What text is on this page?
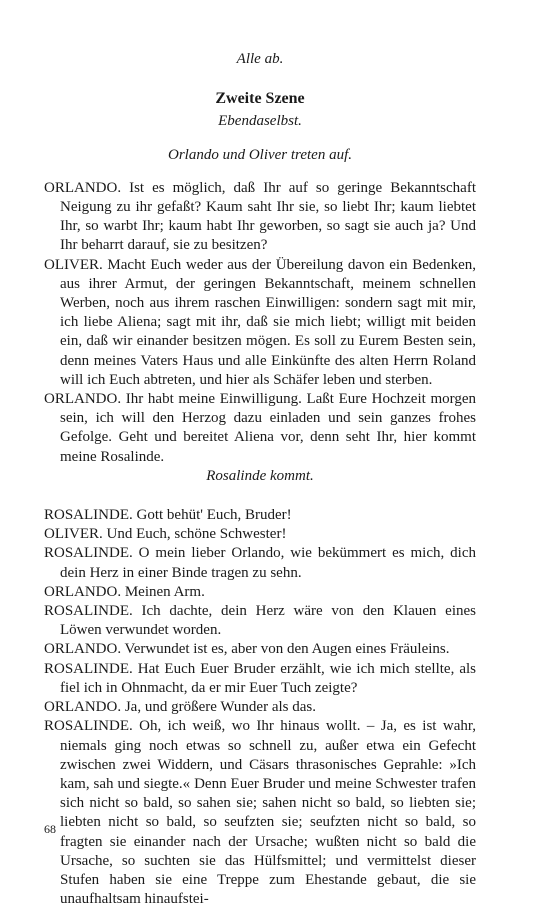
Alle ab.
Zweite Szene
Ebendaselbst.
Orlando und Oliver treten auf.
ORLANDO. Ist es möglich, daß Ihr auf so geringe Bekanntschaft Neigung zu ihr gefaßt? Kaum saht Ihr sie, so liebt Ihr; kaum liebtet Ihr, so warbt Ihr; kaum habt Ihr geworben, so sagt sie auch ja? Und Ihr beharrt darauf, sie zu besitzen?
OLIVER. Macht Euch weder aus der Übereilung davon ein Bedenken, aus ihrer Armut, der geringen Bekanntschaft, meinem schnellen Werben, noch aus ihrem raschen Einwilligen: sondern sagt mit mir, ich liebe Aliena; sagt mit ihr, daß sie mich liebt; willigt mit beiden ein, daß wir einander besitzen mögen. Es soll zu Eurem Besten sein, denn meines Vaters Haus und alle Einkünfte des alten Herrn Roland will ich Euch abtreten, und hier als Schäfer leben und sterben.
ORLANDO. Ihr habt meine Einwilligung. Laßt Eure Hochzeit morgen sein, ich will den Herzog dazu einladen und sein ganzes frohes Gefolge. Geht und bereitet Aliena vor, denn seht Ihr, hier kommt meine Rosalinde.
Rosalinde kommt.
ROSALINDE. Gott behüt' Euch, Bruder!
OLIVER. Und Euch, schöne Schwester!
ROSALINDE. O mein lieber Orlando, wie bekümmert es mich, dich dein Herz in einer Binde tragen zu sehn.
ORLANDO. Meinen Arm.
ROSALINDE. Ich dachte, dein Herz wäre von den Klauen eines Löwen verwundet worden.
ORLANDO. Verwundet ist es, aber von den Augen eines Fräuleins.
ROSALINDE. Hat Euch Euer Bruder erzählt, wie ich mich stellte, als fiel ich in Ohnmacht, da er mir Euer Tuch zeigte?
ORLANDO. Ja, und größere Wunder als das.
ROSALINDE. Oh, ich weiß, wo Ihr hinaus wollt. – Ja, es ist wahr, niemals ging noch etwas so schnell zu, außer etwa ein Gefecht zwischen zwei Widdern, und Cäsars thrasonisches Geprahle: »Ich kam, sah und siegte.« Denn Euer Bruder und meine Schwester trafen sich nicht so bald, so sahen sie; sahen nicht so bald, so liebten sie; liebten nicht so bald, so seufzten sie; seufzten nicht so bald, so fragten sie einander nach der Ursache; wußten nicht so bald die Ursache, so suchten sie das Hülfsmittel; und vermittelst dieser Stufen haben sie eine Treppe zum Ehestande gebaut, die sie unaufhaltsam hinaufstei-
68
